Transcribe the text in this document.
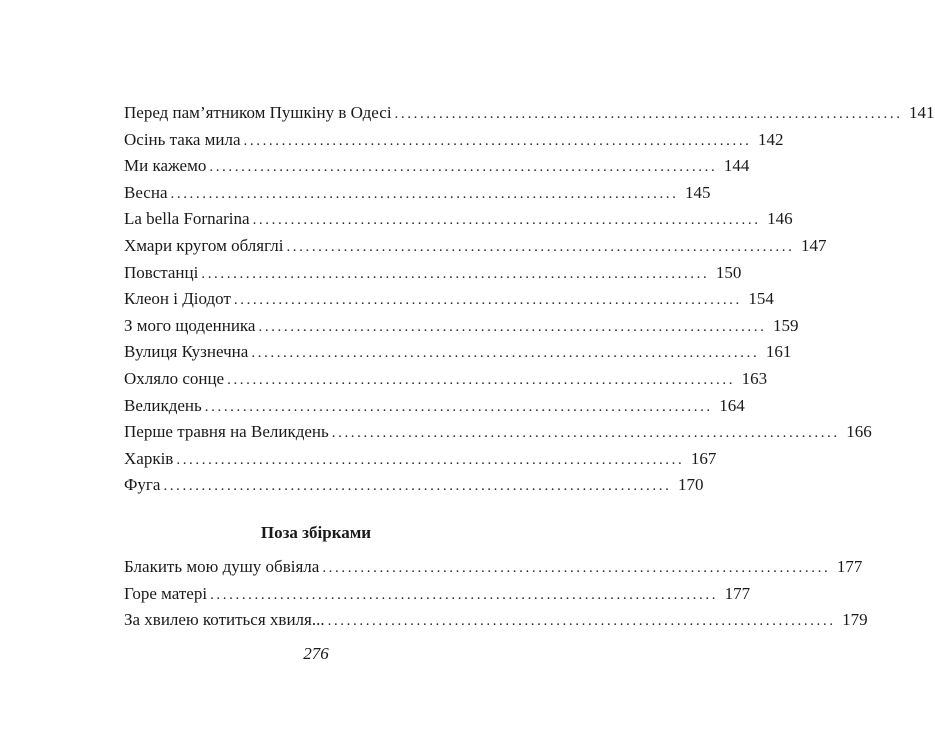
Перед пам’ятником Пушкіну в Одесі ................................................................................ 141
Осінь така мила ................................................................................ 142
Ми кажемо ................................................................................ 144
Весна ................................................................................ 145
La bella Fornarina ................................................................................ 146
Хмари кругом обляглі ................................................................................ 147
Повстанці ................................................................................ 150
Клеон і Діодот ................................................................................ 154
З мого щоденника ................................................................................ 159
Вулиця Кузнечна ................................................................................ 161
Охляло сонце ................................................................................ 163
Великдень ................................................................................ 164
Перше травня на Великдень ................................................................................ 166
Харків ................................................................................ 167
Фуга ................................................................................ 170
Поза збірками
Блакить мою душу обвіяла ................................................................................ 177
Горе матері ................................................................................ 177
За хвилею котиться хвиля... ................................................................................ 179

276
